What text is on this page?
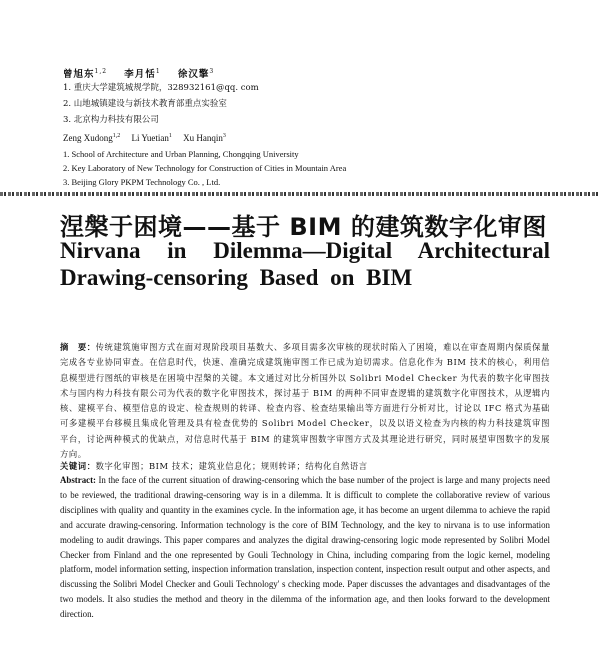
曾旭东$^{1,2}$ 李月恬$^1$ 徐汉擎$^3$
1. 重庆大学建筑城规学院，328932161@qq. com
2. 山地城镇建设与新技术教育部重点实验室
3. 北京构力科技有限公司
Zeng Xudong$^{1,2}$ Li Yuetian$^1$ Xu Hanqin$^3$
1. School of Architecture and Urban Planning, Chongqing University
2. Key Laboratory of New Technology for Construction of Cities in Mountain Area
3. Beijing Glory PKPM Technology Co. , Ltd.
涅槃于困境——基于 BIM 的建筑数字化审图
Nirvana in Dilemma—Digital Architectural Drawing-censoring Based on BIM
摘　要：传统建筑施审图方式在面对现阶段项目基数大、多项目需多次审核的现状时陷入了困境，难以在审查周期内保质保量完成各专业协同审查。在信息时代，快速、准确完成建筑施审图工作已成为迫切需求。信息化作为 BIM 技术的核心，利用信息模型进行图纸的审核是在困境中涅槃的关键。本文通过对比分析国外以 Solibri Model Checker 为代表的数字化审图技术与国内构力科技有限公司为代表的数字化审图技术，探讨基于 BIM 的两种不同审查逻辑的建筑数字化审图技术，从逻辑内核、建模平台、模型信息的设定、检查规则的转译、检查内容、检查结果输出等方面进行分析对比，讨论以 IFC 格式为基础可多建模平台移模且集成化管理及具有检查优势的 Solibri Model Checker，以及以语义检查为内核的构力科技建筑审图平台，讨论两种模式的优缺点，对信息时代基于 BIM 的建筑审图数字审图方式及其理论进行研究，同时展望审图数字的发展方向。
关键词：数字化审图；BIM 技术；建筑业信息化；规则转译；结构化自然语言
Abstract: In the face of the current situation of drawing-censoring which the base number of the project is large and many projects need to be reviewed, the traditional drawing-censoring way is in a dilemma. It is difficult to complete the collaborative review of various disciplines with quality and quantity in the examines cycle. In the information age, it has become an urgent dilemma to achieve the rapid and accurate drawing-censoring. Information technology is the core of BIM Technology, and the key to nirvana is to use information modeling to audit drawings. This paper compares and analyzes the digital drawing-censoring logic mode represented by Solibri Model Checker from Finland and the one represented by Gouli Technology in China, including comparing from the logic kernel, modeling platform, model information setting, inspection information translation, inspection content, inspection result output and other aspects, and discussing the Solibri Model Checker and Gouli Technology' s checking mode. Paper discusses the advantages and disadvantages of the two models. It also studies the method and theory in the dilemma of the information age, and then looks forward to the development direction.
